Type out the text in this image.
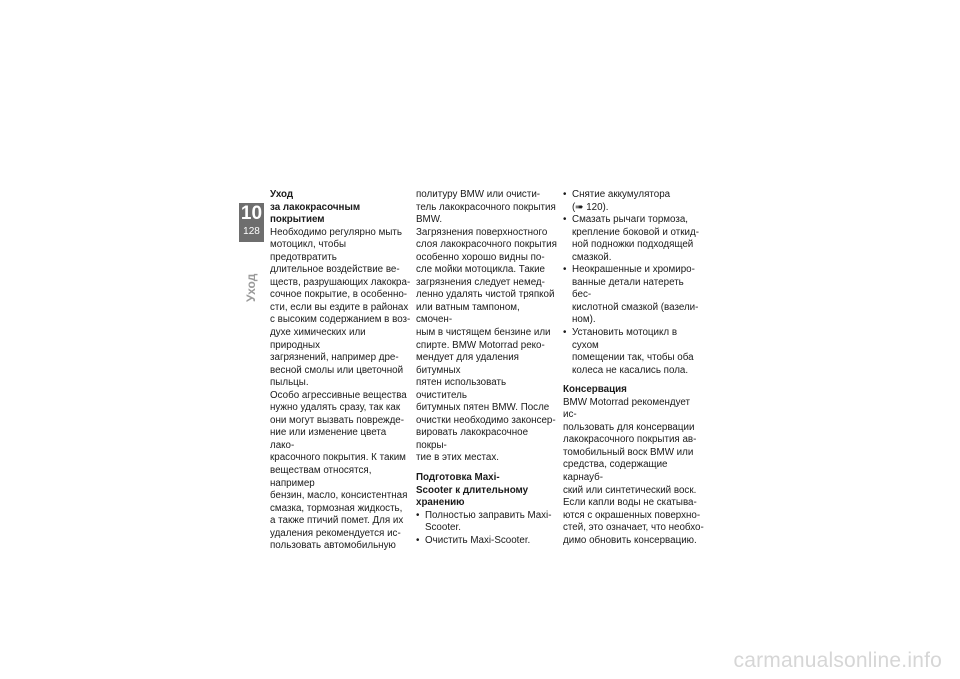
10
128
Уход
Уход
за лакокрасочным
покрытием

Необходимо регулярно мыть
мотоцикл, чтобы предотвратить
длительное воздействие ве-
ществ, разрушающих лакокра-
сочное покрытие, в особенно-
сти, если вы ездите в районах
с высоким содержанием в воз-
духе химических или природных
загрязнений, например дре-
весной смолы или цветочной
пыльцы.

Особо агрессивные вещества
нужно удалять сразу, так как
они могут вызвать поврежде-
ние или изменение цвета лако-
красочного покрытия. К таким
веществам относятся, например
бензин, масло, консистентная
смазка, тормозная жидкость,
а также птичий помет. Для их
удаления рекомендуется ис-
пользовать автомобильную

политуру BMW или очисти-
тель лакокрасочного покрытия
BMW.

Загрязнения поверхностного
слоя лакокрасочного покрытия
особенно хорошо видны по-
сле мойки мотоцикла. Такие
загрязнения следует немед-
ленно удалять чистой тряпкой
или ватным тампоном, смочен-
ным в чистящем бензине или
спирте. BMW Motorrad реко-
мендует для удаления битумных
пятен использовать очиститель
битумных пятен BMW. После
очистки необходимо законсер-
вировать лакокрасочное покры-
тие в этих местах.

Подготовка Maxi-
Scooter к длительному
хранению
• Полностью заправить Maxi-
Scooter.
• Очистить Maxi-Scooter.
• Снятие аккумулятора
(➠ 120).
• Смазать рычаги тормоза,
крепление боковой и откид-
ной подножки подходящей
смазкой.
• Неокрашенные и хромиро-
ванные детали натереть бес-
кислотной смазкой (вазели-
ном).
• Установить мотоцикл в сухом
помещении так, чтобы оба
колеса не касались пола.
Консервация

BMW Motorrad рекомендует ис-
пользовать для консервации
лакокрасочного покрытия ав-
томобильный воск BMW или
средства, содержащие карнауб-
ский или синтетический воск.
Если капли воды не скатыва-
ются с окрашенных поверхно-
стей, это означает, что необхо-
димо обновить консервацию.

carmanualsonline.info
